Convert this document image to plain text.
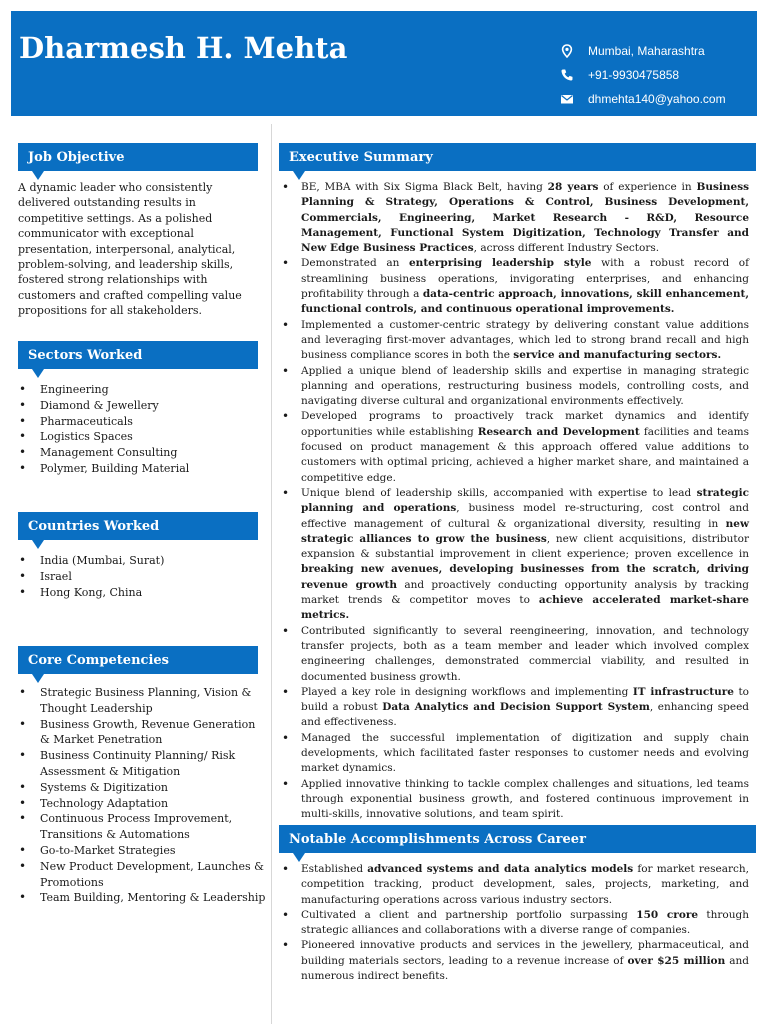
Dharmesh H. Mehta	Mumbai, Maharashtra
+91-9930475858
dhmehta140@yahoo.com
Job Objective
A dynamic leader who consistently delivered outstanding results in competitive settings. As a polished communicator with exceptional presentation, interpersonal, analytical, problem-solving, and leadership skills, fostered strong relationships with customers and crafted compelling value propositions for all stakeholders.
Sectors Worked
• Engineering
• Diamond & Jewellery
• Pharmaceuticals
• Logistics Spaces
• Management Consulting
• Polymer, Building Material
Countries Worked
• India (Mumbai, Surat)
• Israel
• Hong Kong, China
Core Competencies
• Strategic Business Planning, Vision & Thought Leadership
• Business Growth, Revenue Generation & Market Penetration
• Business Continuity Planning/ Risk Assessment & Mitigation
• Systems & Digitization
• Technology Adaptation
• Continuous Process Improvement, Transitions & Automations
• Go-to-Market Strategies
• New Product Development, Launches & Promotions
• Team Building, Mentoring & Leadership
Executive Summary
• BE, MBA with Six Sigma Black Belt, having 28 years of experience in Business Planning & Strategy, Operations & Control, Business Development, Commercials, Engineering, Market Research - R&D, Resource Management, Functional System Digitization, Technology Transfer and New Edge Business Practices, across different Industry Sectors.
• Demonstrated an enterprising leadership style with a robust record of streamlining business operations, invigorating enterprises, and enhancing profitability through a data-centric approach, innovations, skill enhancement, functional controls, and continuous operational improvements.
• Implemented a customer-centric strategy by delivering constant value additions and leveraging first-mover advantages, which led to strong brand recall and high business compliance scores in both the service and manufacturing sectors.
• Applied a unique blend of leadership skills and expertise in managing strategic planning and operations, restructuring business models, controlling costs, and navigating diverse cultural and organizational environments effectively.
• Developed programs to proactively track market dynamics and identify opportunities while establishing Research and Development facilities and teams focused on product management & this approach offered value additions to customers with optimal pricing, achieved a higher market share, and maintained a competitive edge.
• Unique blend of leadership skills, accompanied with expertise to lead strategic planning and operations, business model re-structuring, cost control and effective management of cultural & organizational diversity, resulting in new strategic alliances to grow the business, new client acquisitions, distributor expansion & substantial improvement in client experience; proven excellence in breaking new avenues, developing businesses from the scratch, driving revenue growth and proactively conducting opportunity analysis by tracking market trends & competitor moves to achieve accelerated market-share metrics.
• Contributed significantly to several reengineering, innovation, and technology transfer projects, both as a team member and leader which involved complex engineering challenges, demonstrated commercial viability, and resulted in documented business growth.
• Played a key role in designing workflows and implementing IT infrastructure to build a robust Data Analytics and Decision Support System, enhancing speed and effectiveness.
• Managed the successful implementation of digitization and supply chain developments, which facilitated faster responses to customer needs and evolving market dynamics.
• Applied innovative thinking to tackle complex challenges and situations, led teams through exponential business growth, and fostered continuous improvement in multi-skills, innovative solutions, and team spirit.
Notable Accomplishments Across Career
• Established advanced systems and data analytics models for market research, competition tracking, product development, sales, projects, marketing, and manufacturing operations across various industry sectors.
• Cultivated a client and partnership portfolio surpassing 150 crore through strategic alliances and collaborations with a diverse range of companies.
• Pioneered innovative products and services in the jewellery, pharmaceutical, and building materials sectors, leading to a revenue increase of over $25 million and numerous indirect benefits.
